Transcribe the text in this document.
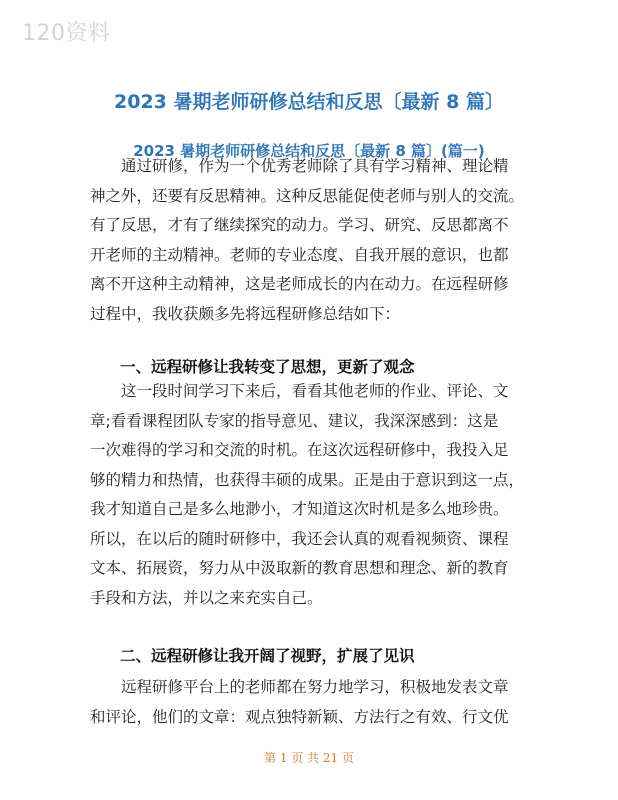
120资料
2023 暑期老师研修总结和反思〔最新 8 篇〕
2023 暑期老师研修总结和反思〔最新 8 篇〕(篇一)
通过研修，作为一个优秀老师除了具有学习精神、理论精
神之外，还要有反思精神。这种反思能促使老师与别人的交流。
有了反思，才有了继续探究的动力。学习、研究、反思都离不
开老师的主动精神。老师的专业态度、自我开展的意识，也都
离不开这种主动精神，这是老师成长的内在动力。在远程研修
过程中，我收获颇多先将远程研修总结如下：
一、远程研修让我转变了思想，更新了观念
这一段时间学习下来后，看看其他老师的作业、评论、文
章;看看课程团队专家的指导意见、建议，我深深感到：这是
一次难得的学习和交流的时机。在这次远程研修中，我投入足
够的精力和热情，也获得丰硕的成果。正是由于意识到这一点，
我才知道自己是多么地渺小，才知道这次时机是多么地珍贵。
所以，在以后的随时研修中，我还会认真的观看视频资、课程
文本、拓展资，努力从中汲取新的教育思想和理念、新的教育
手段和方法，并以之来充实自己。
二、远程研修让我开阔了视野，扩展了见识
远程研修平台上的老师都在努力地学习，积极地发表文章
和评论，他们的文章：观点独特新颖、方法行之有效、行文优
第 1 页 共 21 页
